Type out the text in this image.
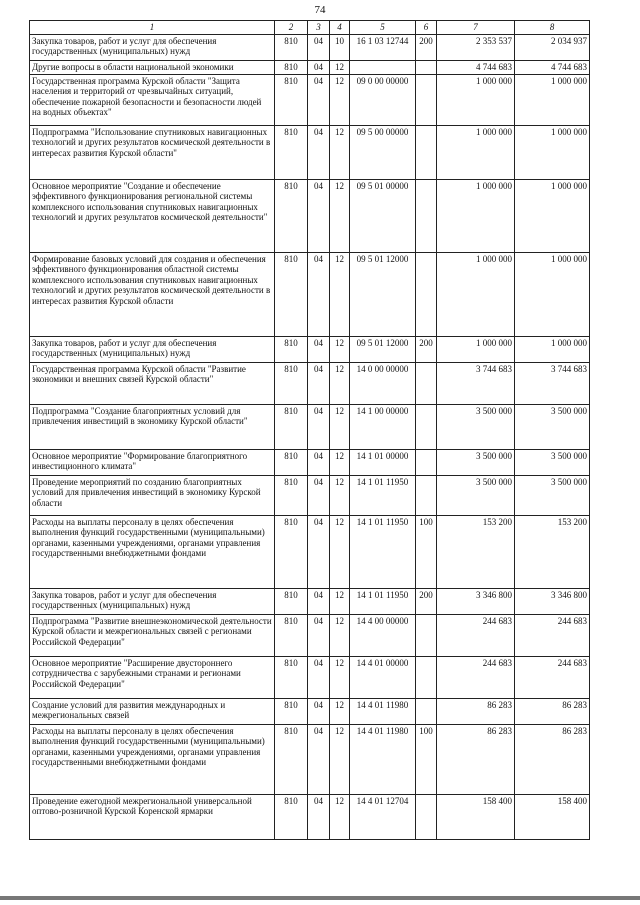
74
1	2	3	4	5	6	7	8
Закупка товаров, работ и услуг для обеспечения государственных (муниципальных) нужд	810	04	10	16 1 03 12744	200	2 353 537	2 034 937
Другие вопросы в области национальной экономики	810	04	12			4 744 683	4 744 683
Государственная программа Курской области "Защита населения и территорий от чрезвычайных ситуаций, обеспечение пожарной безопасности и безопасности людей на водных объектах"	810	04	12	09 0 00 00000		1 000 000	1 000 000
Подпрограмма "Использование спутниковых навигационных технологий и других результатов космической деятельности в интересах развития Курской области"	810	04	12	09 5 00 00000		1 000 000	1 000 000
Основное мероприятие "Создание и обеспечение эффективного функционирования региональной системы комплексного использования спутниковых навигационных технологий и других результатов космической деятельности"	810	04	12	09 5 01 00000		1 000 000	1 000 000
Формирование базовых условий для создания и обеспечения эффективного функционирования областной системы комплексного использования спутниковых навигационных технологий и других результатов космической деятельности в интересах развития Курской области	810	04	12	09 5 01 12000		1 000 000	1 000 000
Закупка товаров, работ и услуг для обеспечения государственных (муниципальных) нужд	810	04	12	09 5 01 12000	200	1 000 000	1 000 000
Государственная программа Курской области "Развитие экономики и внешних связей Курской области"	810	04	12	14 0 00 00000		3 744 683	3 744 683
Подпрограмма "Создание благоприятных условий для привлечения инвестиций в экономику Курской области"	810	04	12	14 1 00 00000		3 500 000	3 500 000
Основное мероприятие "Формирование благоприятного инвестиционного климата"	810	04	12	14 1 01 00000		3 500 000	3 500 000
Проведение мероприятий по созданию благоприятных условий для привлечения инвестиций в экономику Курской области	810	04	12	14 1 01 11950		3 500 000	3 500 000
Расходы на выплаты персоналу в целях обеспечения выполнения функций государственными (муниципальными) органами, казенными учреждениями, органами управления государственными внебюджетными фондами	810	04	12	14 1 01 11950	100	153 200	153 200
Закупка товаров, работ и услуг для обеспечения государственных (муниципальных) нужд	810	04	12	14 1 01 11950	200	3 346 800	3 346 800
Подпрограмма "Развитие внешнеэкономической деятельности Курской области и межрегиональных связей с регионами Российской Федерации"	810	04	12	14 4 00 00000		244 683	244 683
Основное мероприятие "Расширение двустороннего сотрудничества с зарубежными странами и регионами Российской Федерации"	810	04	12	14 4 01 00000		244 683	244 683
Создание условий для развития международных и межрегиональных связей	810	04	12	14 4 01 11980		86 283	86 283
Расходы на выплаты персоналу в целях обеспечения выполнения функций государственными (муниципальными) органами, казенными учреждениями, органами управления государственными внебюджетными фондами	810	04	12	14 4 01 11980	100	86 283	86 283
Проведение ежегодной межрегиональной универсальной оптово-розничной Курской Коренской ярмарки	810	04	12	14 4 01 12704		158 400	158 400
